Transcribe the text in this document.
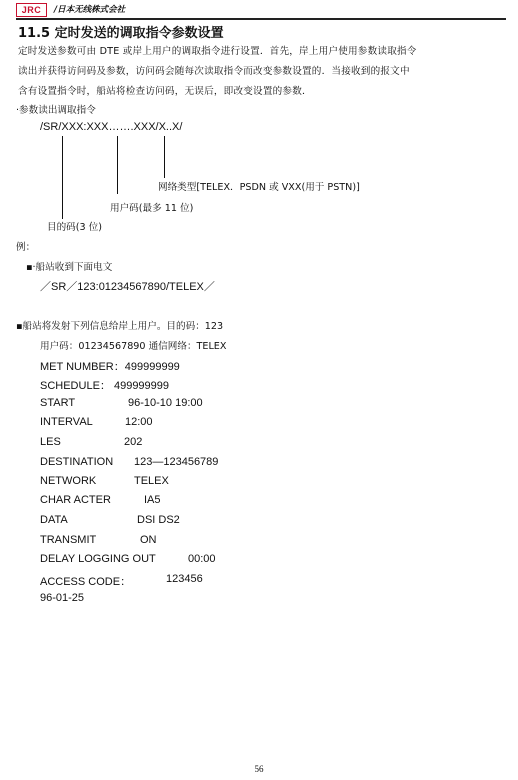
JRC	/日本无线株式会社
11.5 定时发送的调取指令参数设置
定时发送参数可由 DTE 或岸上用户的调取指令进行设置．首先，岸上用户使用参数读取指令
读出并获得访问码及参数，访问码会随每次读取指令而改变参数设置的．当接收到的报文中
含有设置指令时，船站将检查访问码，无误后，即改变设置的参数．
·参数读出调取指令
/SR/XXX:XXX…….XXX/X..X/
网络类型[TELEX．PSDN 或 VXX(用于 PSTN)]
用户码(最多 11 位)
目的码(3 位)
例：
▪·船站收到下面电文
／SR／123:01234567890/TELEX／
▪船站将发射下列信息给岸上用户。目的码：123
用户码：01234567890 通信网络：TELEX
MET NUMBER：499999999
SCHEDULE： 499999999
START	96-10-10 19:00
INTERVAL	12:00
LES	202
DESTINATION 123—123456789
NETWORK	TELEX
CHAR ACTER	IA5
DATA	DSI DS2
TRANSMIT	ON
DELAY LOGGING OUT	00:00
ACCESS CODE：	123456
96-01-25
56
